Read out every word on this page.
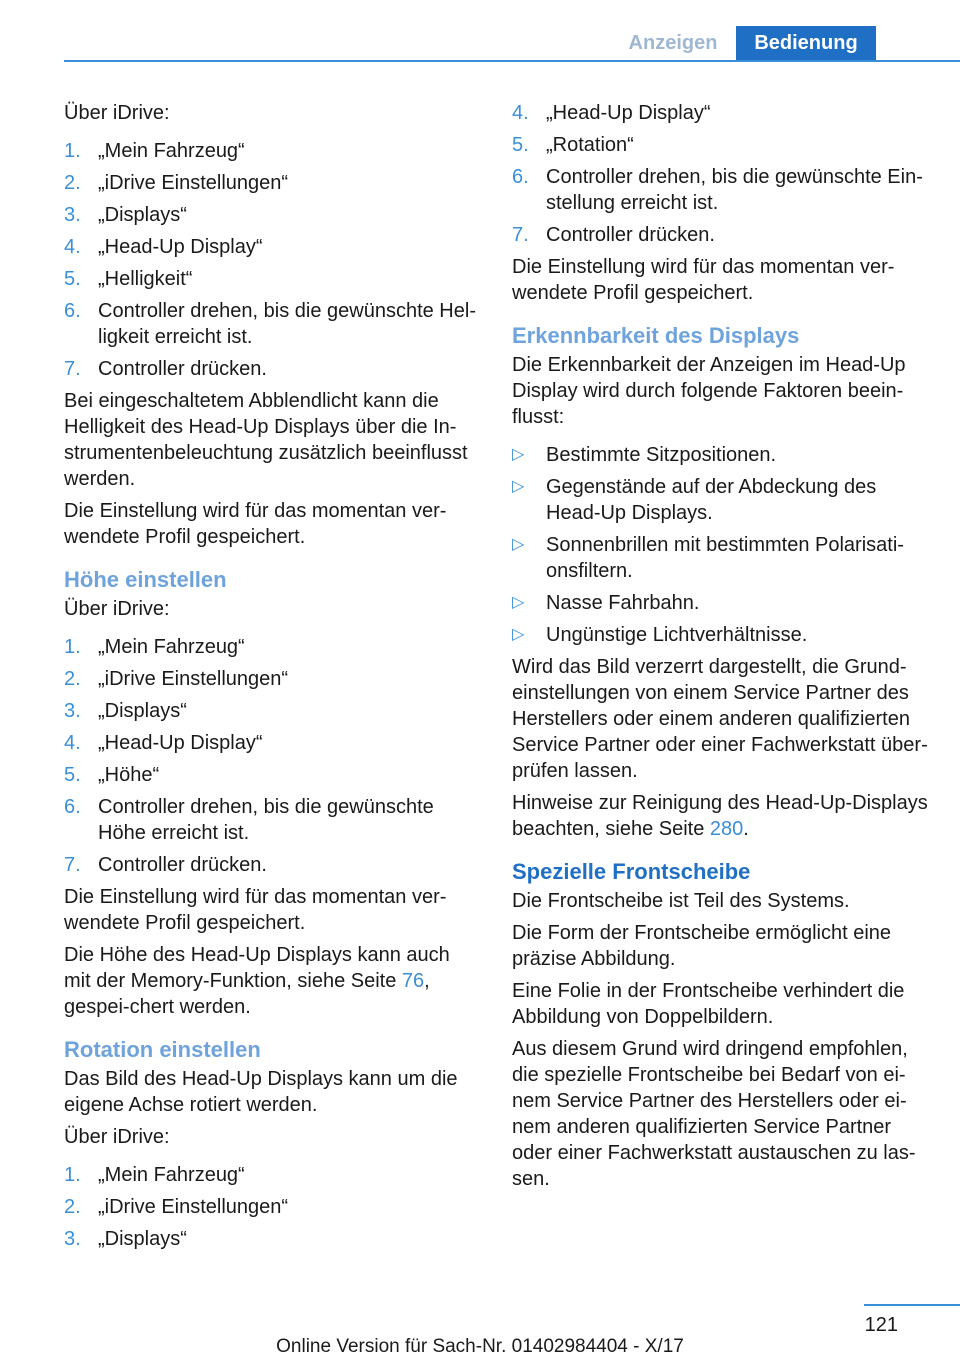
Anzeigen	Bedienung

Über iDrive:

1. „Mein Fahrzeug“
2. „iDrive Einstellungen“
3. „Displays“
4. „Head-Up Display“
5. „Helligkeit“
6. Controller drehen, bis die gewünschte Hel‐ligkeit erreicht ist.
7. Controller drücken.

Bei eingeschaltetem Abblendlicht kann die Helligkeit des Head-Up Displays über die In‐strumentenbeleuchtung zusätzlich beeinflusst werden.

Die Einstellung wird für das momentan ver‐wendete Profil gespeichert.

Höhe einstellen

Über iDrive:

1. „Mein Fahrzeug“
2. „iDrive Einstellungen“
3. „Displays“
4. „Head-Up Display“
5. „Höhe“
6. Controller drehen, bis die gewünschte Höhe erreicht ist.
7. Controller drücken.

Die Einstellung wird für das momentan ver‐wendete Profil gespeichert.

Die Höhe des Head-Up Displays kann auch mit der Memory-Funktion, siehe Seite 76, gespei‐chert werden.

Rotation einstellen

Das Bild des Head-Up Displays kann um die eigene Achse rotiert werden.

Über iDrive:

1. „Mein Fahrzeug“
2. „iDrive Einstellungen“
3. „Displays“
4. „Head-Up Display“
5. „Rotation“
6. Controller drehen, bis die gewünschte Ein‐stellung erreicht ist.
7. Controller drücken.

Die Einstellung wird für das momentan ver‐wendete Profil gespeichert.

Erkennbarkeit des Displays

Die Erkennbarkeit der Anzeigen im Head-Up Display wird durch folgende Faktoren beein‐flusst:

▷ Bestimmte Sitzpositionen.
▷ Gegenstände auf der Abdeckung des Head-Up Displays.
▷ Sonnenbrillen mit bestimmten Polarisati‐onsfiltern.
▷ Nasse Fahrbahn.
▷ Ungünstige Lichtverhältnisse.

Wird das Bild verzerrt dargestellt, die Grund‐einstellungen von einem Service Partner des Herstellers oder einem anderen qualifizierten Service Partner oder einer Fachwerkstatt über‐prüfen lassen.

Hinweise zur Reinigung des Head-Up-Displays beachten, siehe Seite 280.

Spezielle Frontscheibe

Die Frontscheibe ist Teil des Systems.

Die Form der Frontscheibe ermöglicht eine präzise Abbildung.

Eine Folie in der Frontscheibe verhindert die Abbildung von Doppelbildern.

Aus diesem Grund wird dringend empfohlen, die spezielle Frontscheibe bei Bedarf von ei‐nem Service Partner des Herstellers oder ei‐nem anderen qualifizierten Service Partner oder einer Fachwerkstatt austauschen zu las‐sen.

121
Online Version für Sach-Nr. 01402984404 - X/17
